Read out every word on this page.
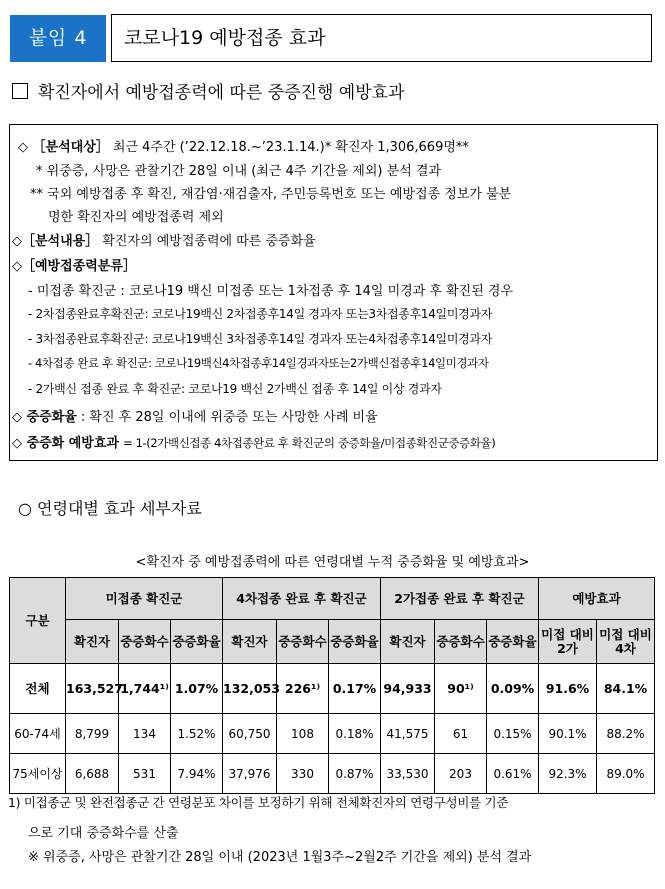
붙임 4	코로나19 예방접종 효과
확진자에서 예방접종력에 따른 중증진행 예방효과
◇ ［분석대상］ 최근 4주간 (’22.12.18.~’23.1.14.)* 확진자 1,306,669명**
* 위중증, 사망은 관찰기간 28일 이내 (최근 4주 기간을 제외) 분석 결과
** 국외 예방접종 후 확진, 재감염·재검출자, 주민등록번호 또는 예방접종 정보가 불분
명한 확진자의 예방접종력 제외
◇［분석내용］ 확진자의 예방접종력에 따른 중증화율
◇［예방접종력분류］
- 미접종 확진군 : 코로나19 백신 미접종 또는 1차접종 후 14일 미경과 후 확진된 경우
- 2차접종완료후확진군: 코로나19백신 2차접종후14일 경과자 또는3차접종후14일미경과자
- 3차접종완료후확진군: 코로나19백신 3차접종후14일 경과자 또는4차접종후14일미경과자
- 4차접종 완료 후 확진군: 코로나19백신4차접종후14일경과자또는2가백신접종후14일미경과자
- 2가백신 접종 완료 후 확진군: 코로나19 백신 2가백신 접종 후 14일 이상 경과자
◇ 중증화율 : 확진 후 28일 이내에 위중증 또는 사망한 사례 비율
◇ 중증화 예방효과 = 1-(2가백신접종 4차접종완료 후 확진군의 중증화율/미접종확진군중증화율)
○ 연령대별 효과 세부자료
<확진자 중 예방접종력에 따른 연령대별 누적 중증화율 및 예방효과>
구분	미접종 확진군			4차접종 완료 후 확진군			2가접종 완료 후 확진군			예방효과	
	확진자	중증화수	중증화율	확진자	중증화수	중증화율	확진자	중증화수	중증화율	미접 대비 2가	미접 대비 4차
전체	163,527	1,744¹⁾	1.07%	132,053	226¹⁾	0.17%	94,933	90¹⁾	0.09%	91.6%	84.1%
60-74세	8,799	134	1.52%	60,750	108	0.18%	41,575	61	0.15%	90.1%	88.2%
75세이상	6,688	531	7.94%	37,976	330	0.87%	33,530	203	0.61%	92.3%	89.0%
1) 미접종군 및 완전접종군 간 연령분포 차이를 보정하기 위해 전체확진자의 연령구성비를 기준
으로 기대 중증화수를 산출
※ 위중증, 사망은 관찰기간 28일 이내 (2023년 1월3주~2월2주 기간을 제외) 분석 결과
